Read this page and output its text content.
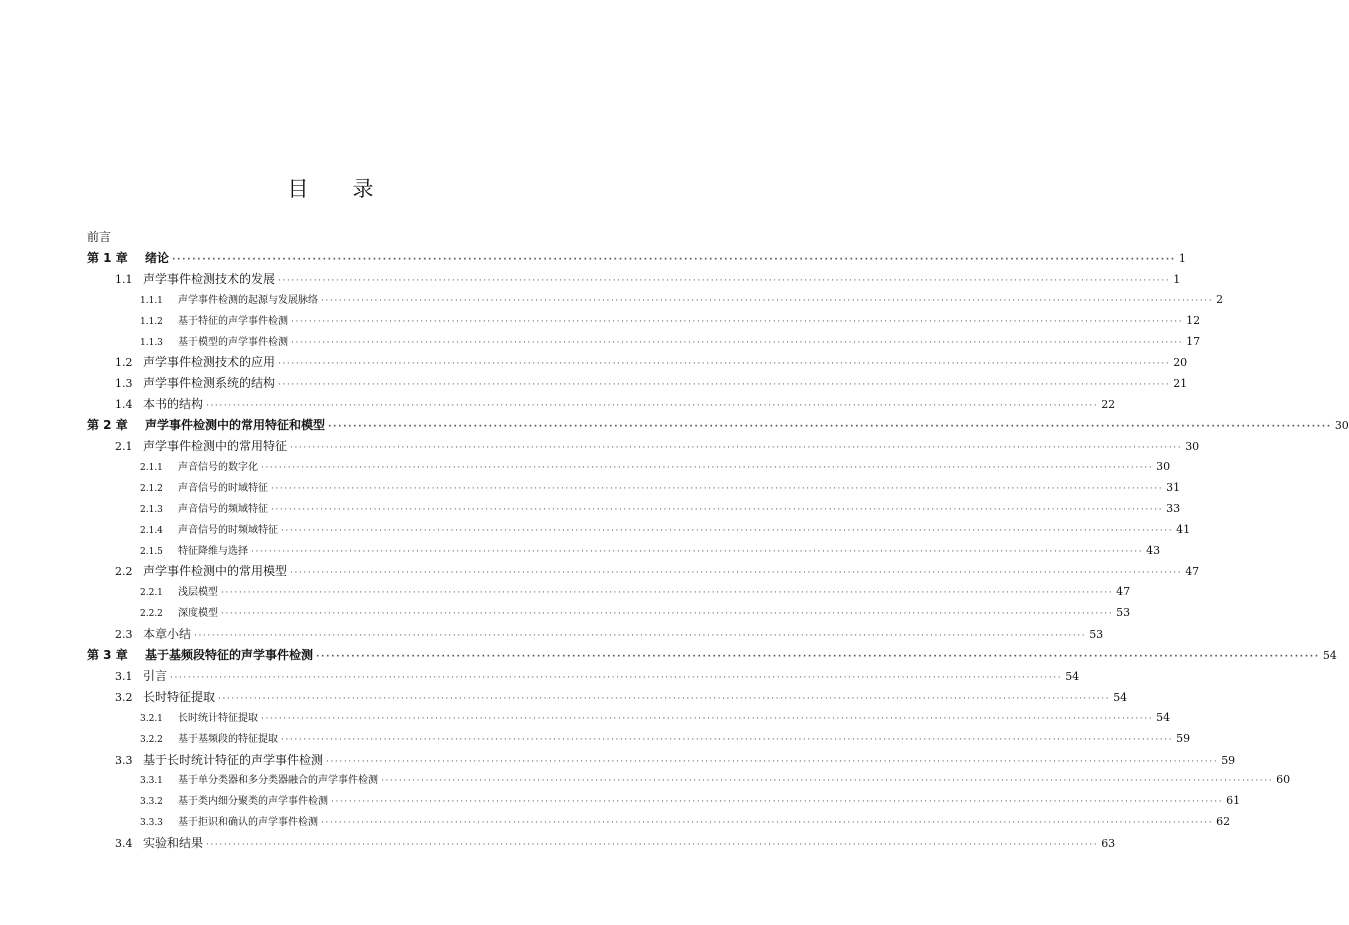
目 录
前言
第 1 章	绪论 ········································································································································································································ 1
1.1 声学事件检测技术的发展 ········································································································································································································ 1
1.1.1	声学事件检测的起源与发展脉络 ········································································································································································································ 2
1.1.2	基于特征的声学事件检测 ········································································································································································································ 12
1.1.3	基于模型的声学事件检测 ········································································································································································································ 17
1.2 声学事件检测技术的应用 ········································································································································································································ 20
1.3 声学事件检测系统的结构 ········································································································································································································ 21
1.4 本书的结构 ········································································································································································································ 22
第 2 章	声学事件检测中的常用特征和模型 ········································································································································································································ 30
2.1 声学事件检测中的常用特征 ········································································································································································································ 30
2.1.1	声音信号的数字化 ········································································································································································································ 30
2.1.2	声音信号的时域特征 ········································································································································································································ 31
2.1.3	声音信号的频域特征 ········································································································································································································ 33
2.1.4	声音信号的时频域特征 ········································································································································································································ 41
2.1.5	特征降维与选择 ········································································································································································································ 43
2.2 声学事件检测中的常用模型 ········································································································································································································ 47
2.2.1	浅层模型 ········································································································································································································ 47
2.2.2	深度模型 ········································································································································································································ 53
2.3 本章小结 ········································································································································································································ 53
第 3 章	基于基频段特征的声学事件检测 ········································································································································································································ 54
3.1 引言 ········································································································································································································ 54
3.2 长时特征提取 ········································································································································································································ 54
3.2.1	长时统计特征提取 ········································································································································································································ 54
3.2.2	基于基频段的特征提取 ········································································································································································································ 59
3.3 基于长时统计特征的声学事件检测 ········································································································································································································ 59
3.3.1	基于单分类器和多分类器融合的声学事件检测 ········································································································································································································ 60
3.3.2	基于类内细分聚类的声学事件检测 ········································································································································································································ 61
3.3.3	基于拒识和确认的声学事件检测 ········································································································································································································ 62
3.4 实验和结果 ········································································································································································································ 63
